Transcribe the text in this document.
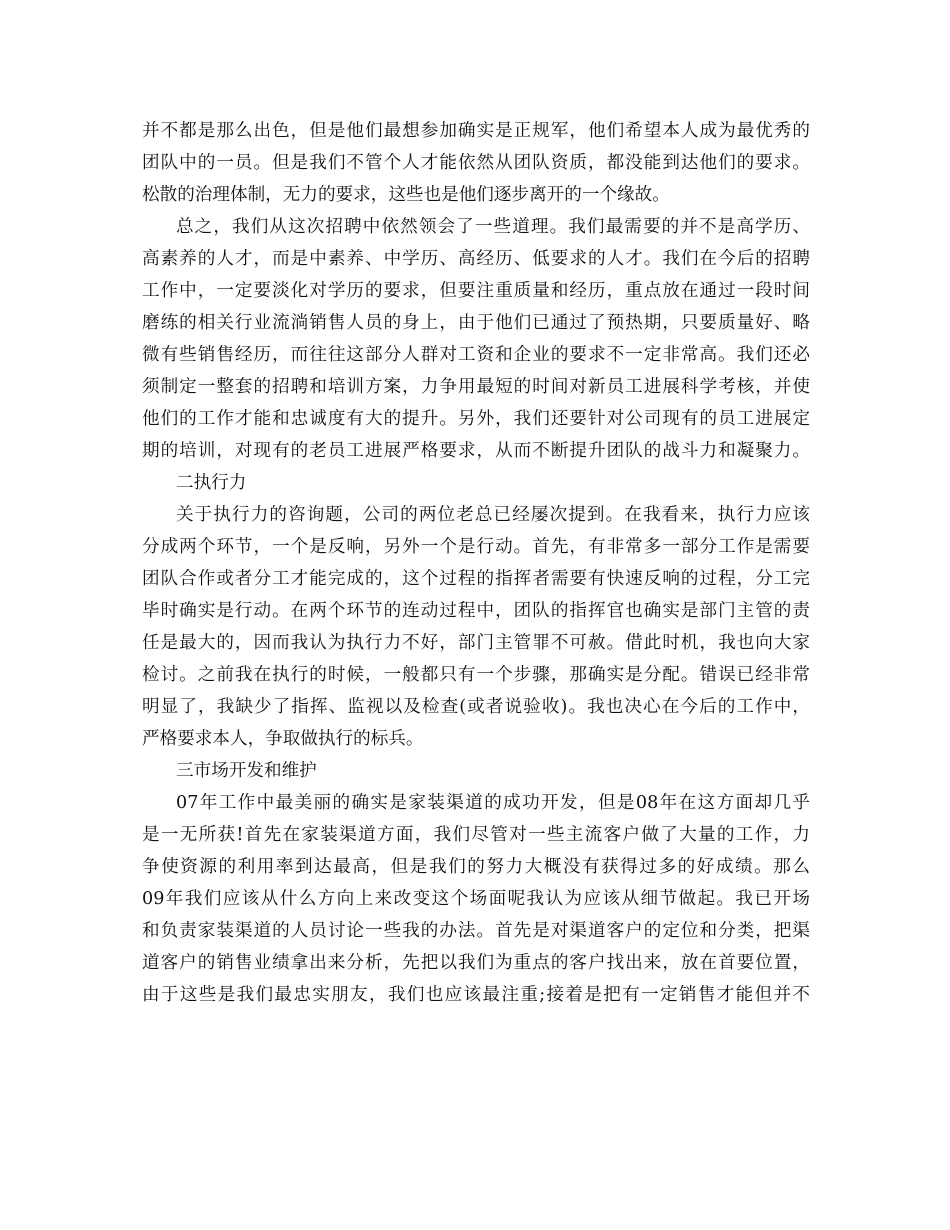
并不都是那么出色，但是他们最想参加确实是正规军，他们希望本人成为最优秀的
团队中的一员。但是我们不管个人才能依然从团队资质，都没能到达他们的要求。
松散的治理体制，无力的要求，这些也是他们逐步离开的一个缘故。
总之，我们从这次招聘中依然领会了一些道理。我们最需要的并不是高学历、
高素养的人才，而是中素养、中学历、高经历、低要求的人才。我们在今后的招聘
工作中，一定要淡化对学历的要求，但要注重质量和经历，重点放在通过一段时间
磨练的相关行业流淌销售人员的身上，由于他们已通过了预热期，只要质量好、略
微有些销售经历，而往往这部分人群对工资和企业的要求不一定非常高。我们还必
须制定一整套的招聘和培训方案，力争用最短的时间对新员工进展科学考核，并使
他们的工作才能和忠诚度有大的提升。另外，我们还要针对公司现有的员工进展定
期的培训，对现有的老员工进展严格要求，从而不断提升团队的战斗力和凝聚力。
二执行力
关于执行力的咨询题，公司的两位老总已经屡次提到。在我看来，执行力应该
分成两个环节，一个是反响，另外一个是行动。首先，有非常多一部分工作是需要
团队合作或者分工才能完成的，这个过程的指挥者需要有快速反响的过程，分工完
毕时确实是行动。在两个环节的连动过程中，团队的指挥官也确实是部门主管的责
任是最大的，因而我认为执行力不好，部门主管罪不可赦。借此时机，我也向大家
检讨。之前我在执行的时候，一般都只有一个步骤，那确实是分配。错误已经非常
明显了，我缺少了指挥、监视以及检查(或者说验收)。我也决心在今后的工作中，
严格要求本人，争取做执行的标兵。
三市场开发和维护
07年工作中最美丽的确实是家装渠道的成功开发，但是08年在这方面却几乎
是一无所获!首先在家装渠道方面，我们尽管对一些主流客户做了大量的工作，力
争使资源的利用率到达最高，但是我们的努力大概没有获得过多的好成绩。那么
09年我们应该从什么方向上来改变这个场面呢我认为应该从细节做起。我已开场
和负责家装渠道的人员讨论一些我的办法。首先是对渠道客户的定位和分类，把渠
道客户的销售业绩拿出来分析，先把以我们为重点的客户找出来，放在首要位置，
由于这些是我们最忠实朋友，我们也应该最注重;接着是把有一定销售才能但并不
